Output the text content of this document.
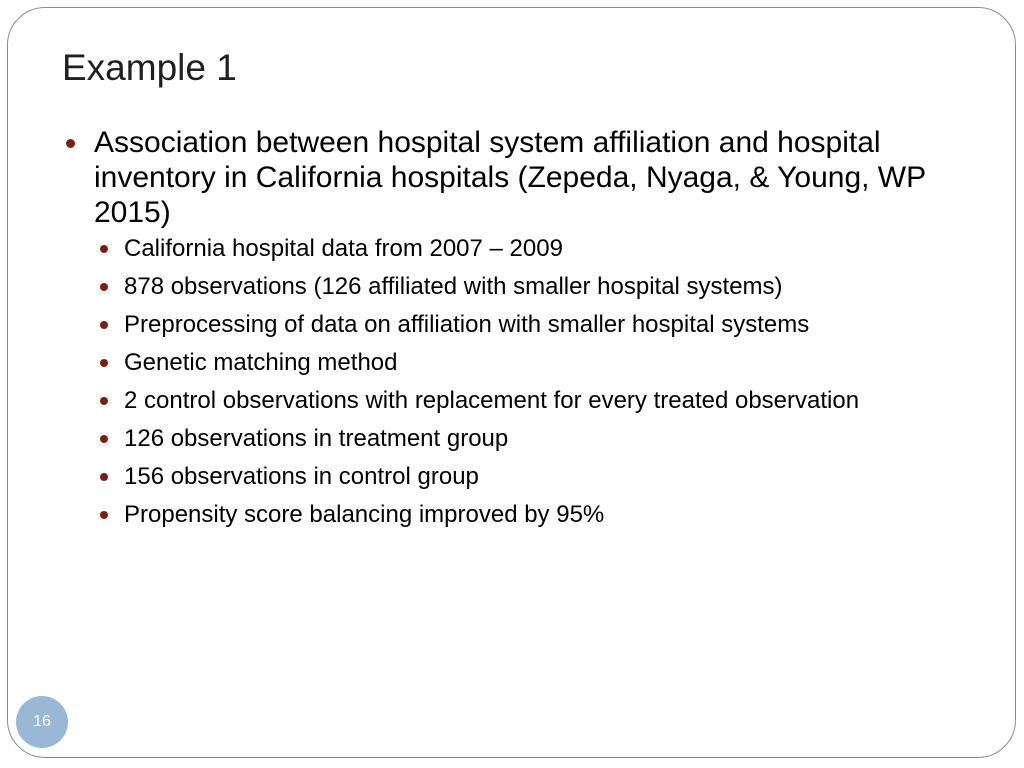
Example 1
Association between hospital system affiliation and hospital inventory in California hospitals (Zepeda, Nyaga, & Young, WP 2015)
California hospital data from 2007 – 2009
878 observations (126 affiliated with smaller hospital systems)
Preprocessing of data on affiliation with smaller hospital systems
Genetic matching method
2 control observations with replacement for every treated observation
126 observations in treatment group
156 observations in control group
Propensity score balancing improved by 95%
16
